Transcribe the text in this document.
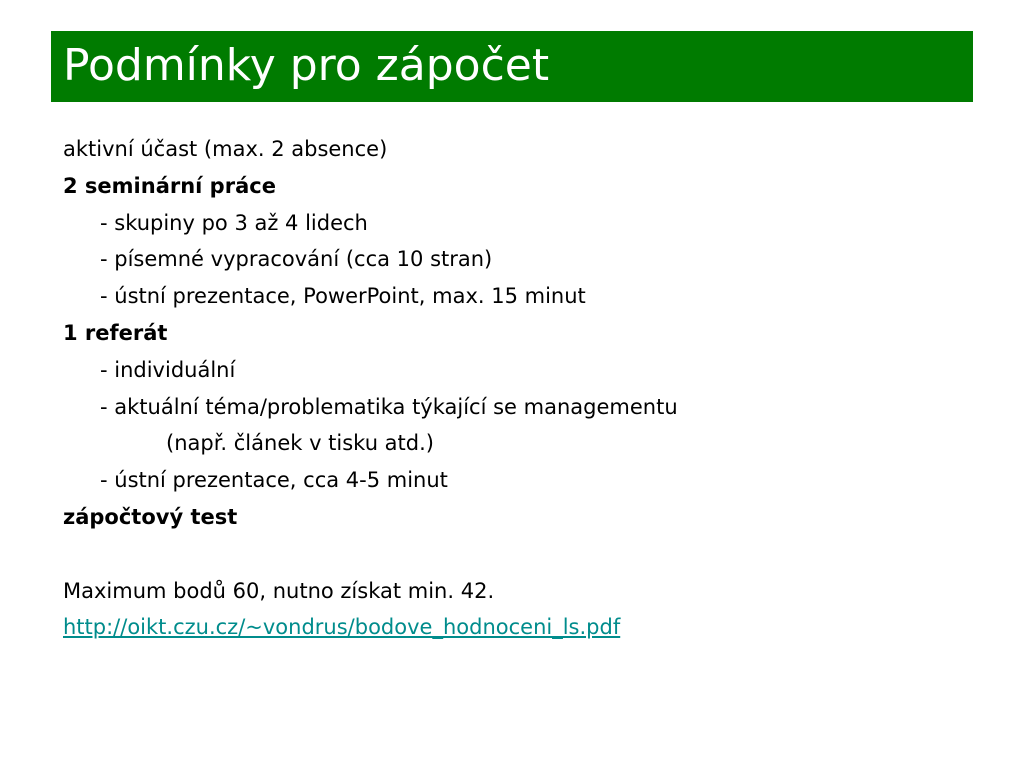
Podmínky pro zápočet
aktivní účast (max. 2 absence)
2 seminární práce
- skupiny po 3 až 4 lidech
- písemné vypracování (cca 10 stran)
- ústní prezentace, PowerPoint, max. 15 minut
1 referát
- individuální
- aktuální téma/problematika týkající se managementu
(např. článek v tisku atd.)
- ústní prezentace, cca 4-5 minut
zápočtový test
Maximum bodů 60, nutno získat min. 42.
http://oikt.czu.cz/~vondrus/bodove_hodnoceni_ls.pdf
